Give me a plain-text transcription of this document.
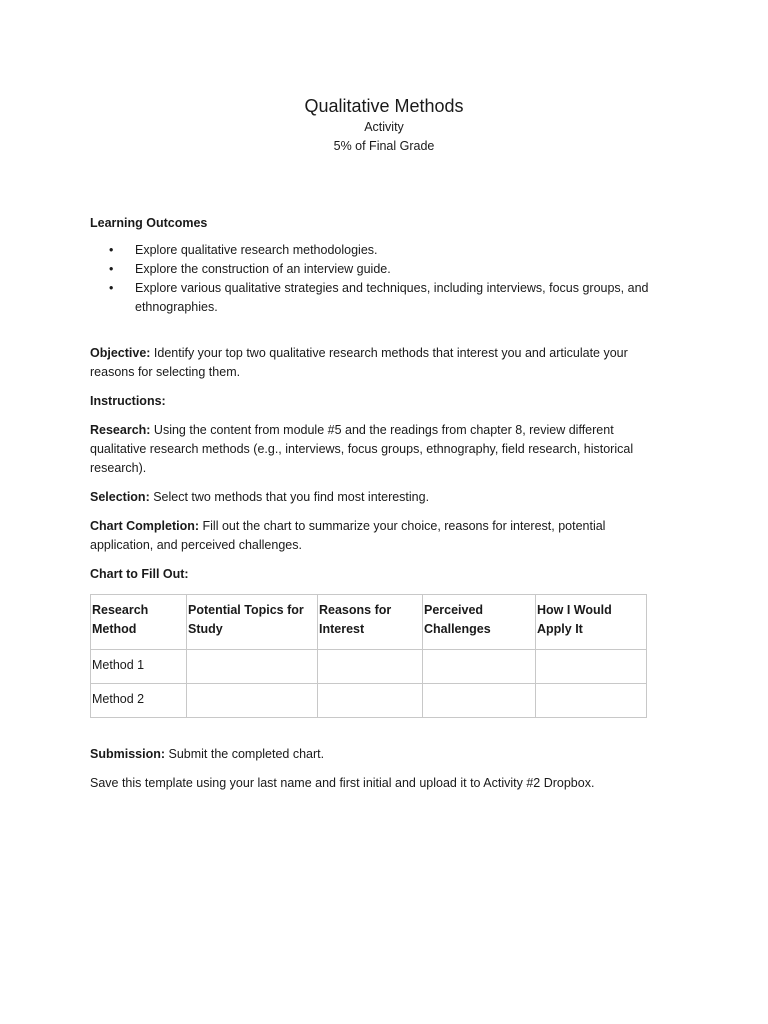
Qualitative Methods

Activity

5% of Final Grade

Learning Outcomes

• Explore qualitative research methodologies.
• Explore the construction of an interview guide.
• Explore various qualitative strategies and techniques, including interviews, focus groups, and ethnographies.

Objective: Identify your top two qualitative research methods that interest you and articulate your reasons for selecting them.

Instructions:

Research: Using the content from module #5 and the readings from chapter 8, review different qualitative research methods (e.g., interviews, focus groups, ethnography, field research, historical research).

Selection: Select two methods that you find most interesting.

Chart Completion: Fill out the chart to summarize your choice, reasons for interest, potential application, and perceived challenges.

Chart to Fill Out:

Research Method	Potential Topics for Study	Reasons for Interest	Perceived Challenges	How I Would Apply It
Method 1				
Method 2				

Submission: Submit the completed chart.

Save this template using your last name and first initial and upload it to Activity #2 Dropbox.
